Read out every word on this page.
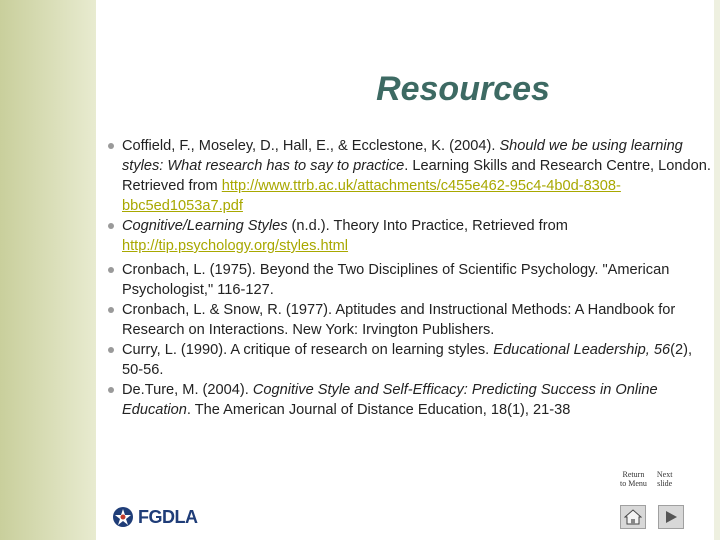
Resources
Coffield, F., Moseley, D., Hall, E., & Ecclestone, K. (2004). Should we be using learning styles: What research has to say to practice. Learning Skills and Research Centre, London. Retrieved from http://www.ttrb.ac.uk/attachments/c455e462-95c4-4b0d-8308-bbc5ed1053a7.pdf
Cognitive/Learning Styles (n.d.). Theory Into Practice, Retrieved from http://tip.psychology.org/styles.html
Cronbach, L. (1975). Beyond the Two Disciplines of Scientific Psychology. "American Psychologist," 116-127.
Cronbach, L. & Snow, R. (1977). Aptitudes and Instructional Methods: A Handbook for Research on Interactions. New York: Irvington Publishers.
Curry, L. (1990). A critique of research on learning styles. Educational Leadership, 56(2), 50-56.
De.Ture, M. (2004). Cognitive Style and Self-Efficacy: Predicting Success in Online Education. The American Journal of Distance Education, 18(1), 21-38
Return
to Menu
Next
slide
FGDLA
